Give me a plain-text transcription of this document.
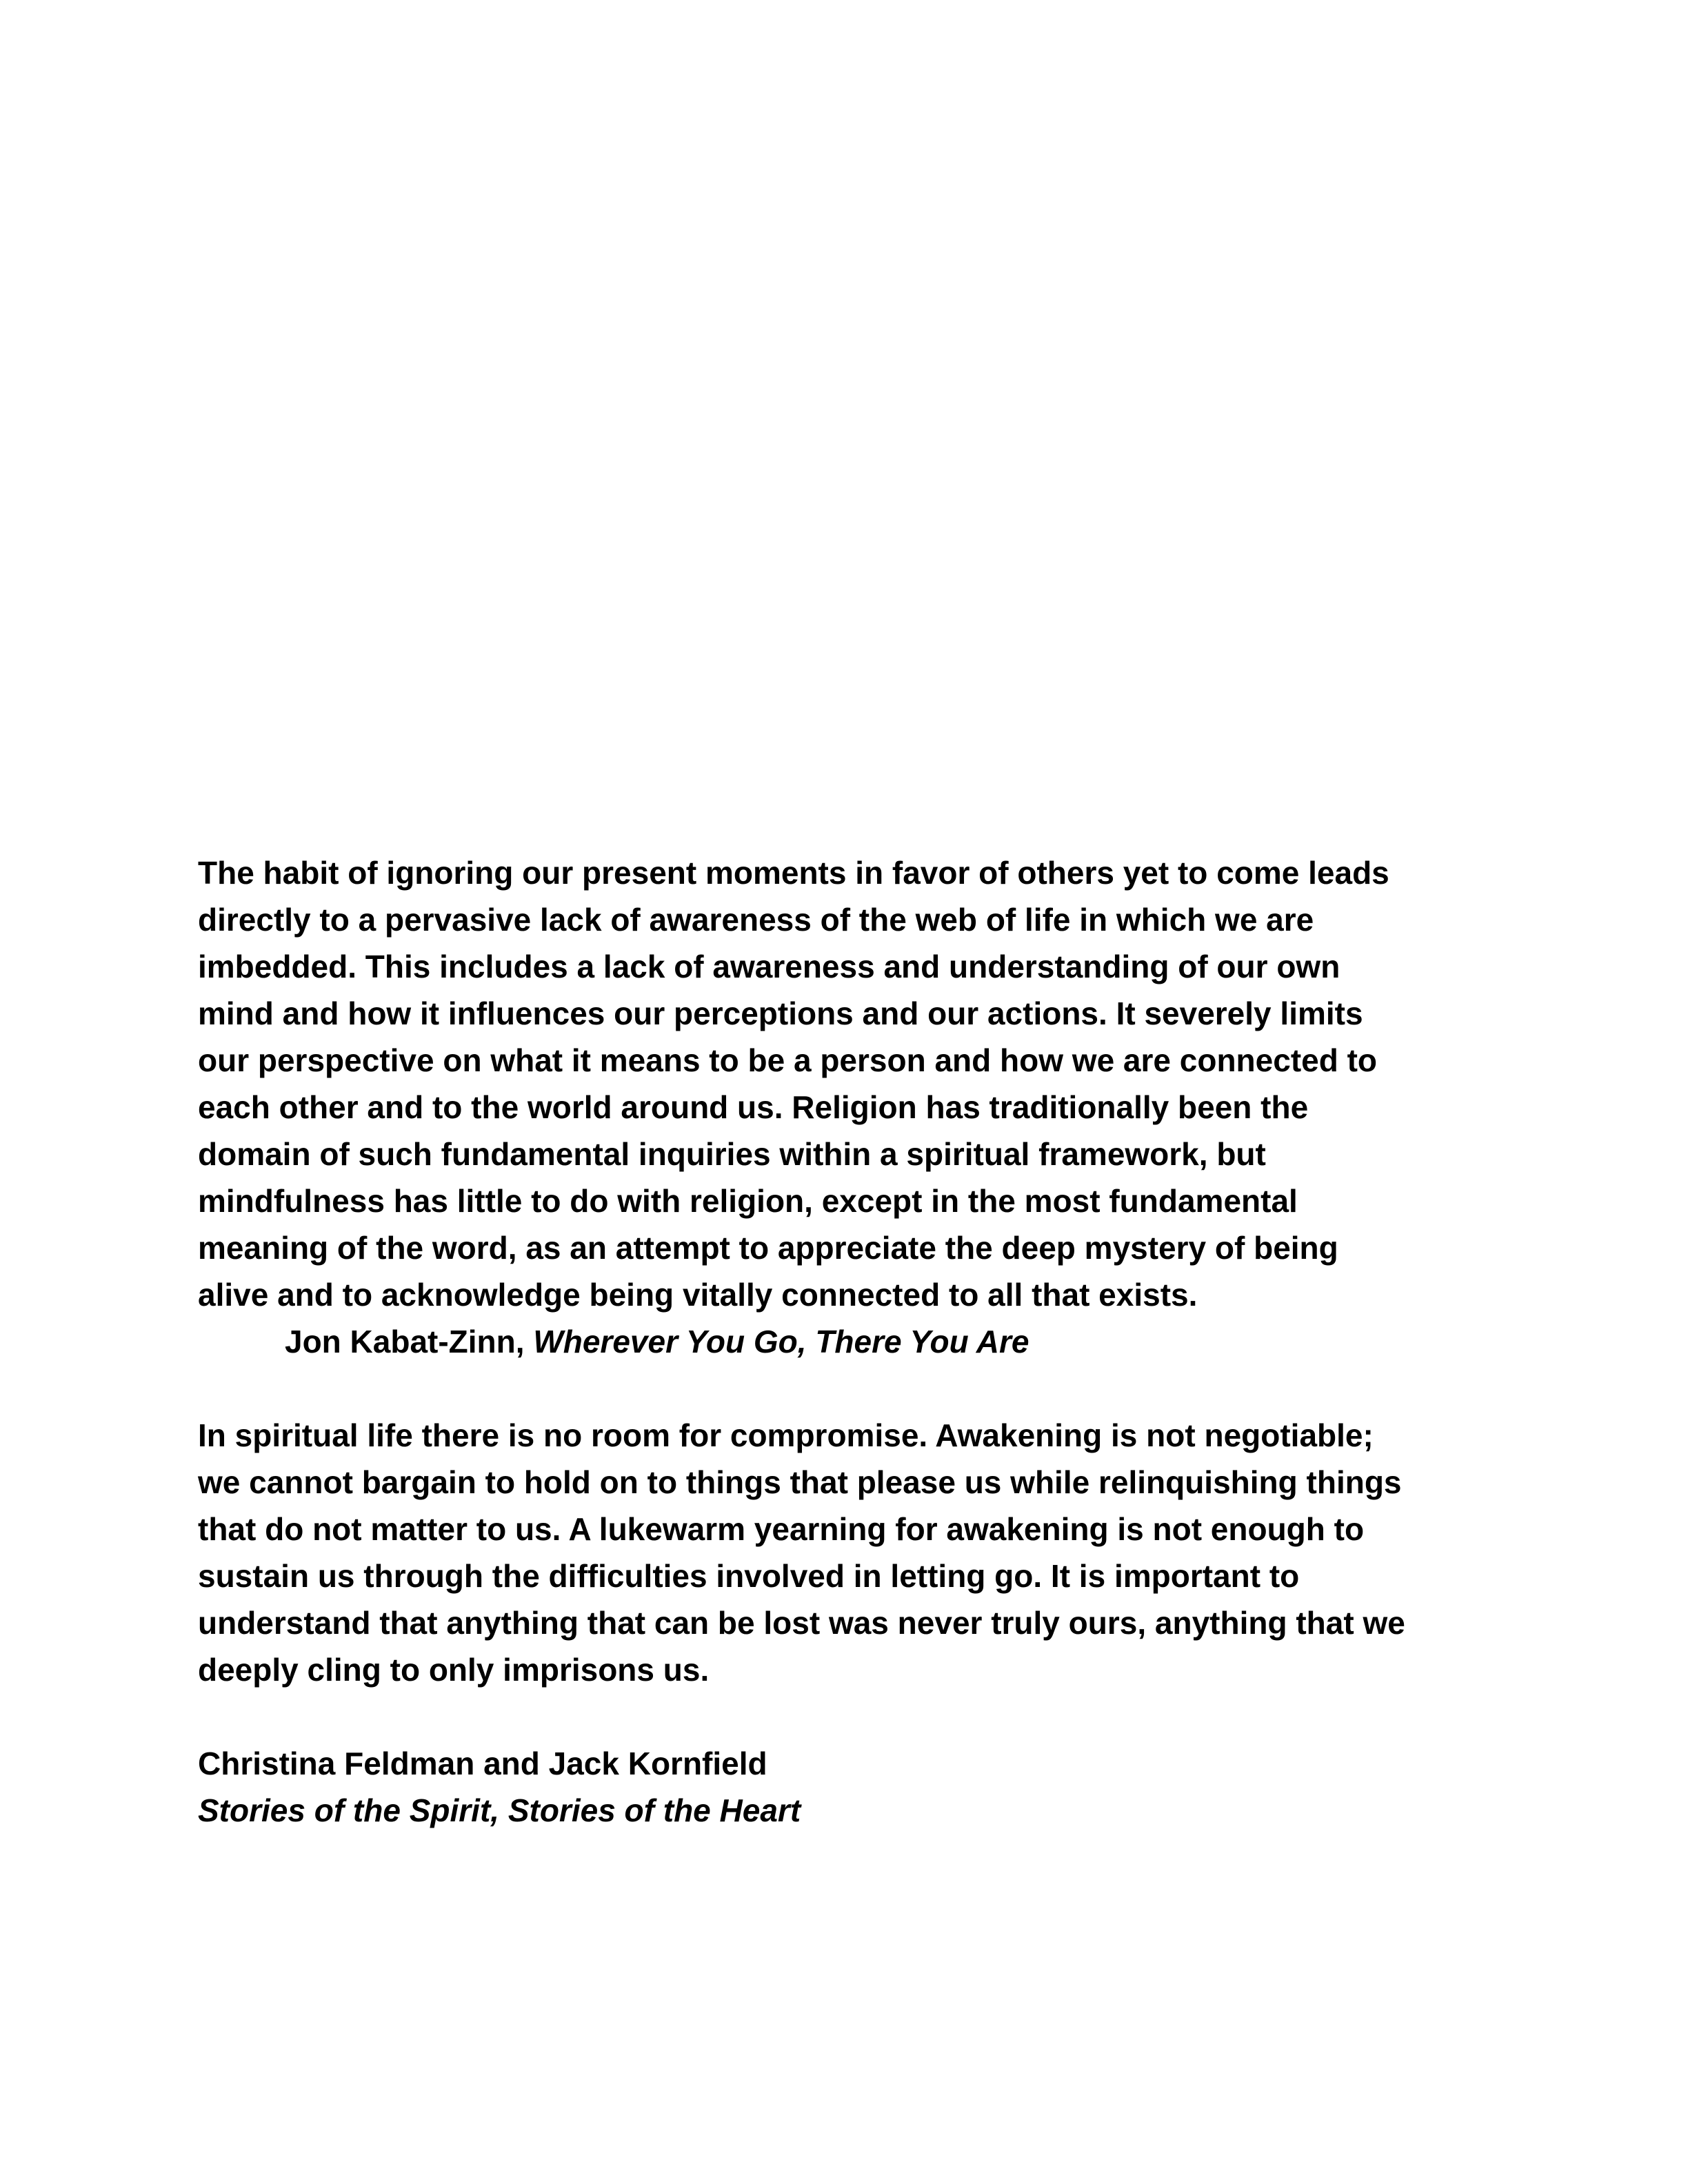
The habit of ignoring our present moments in favor of others yet to come leads
directly to a pervasive lack of awareness of the web of life in which we are
imbedded. This includes a lack of awareness and understanding of our own
mind and how it influences our perceptions and our actions. It severely limits
our perspective on what it means to be a person and how we are connected to
each other and to the world around us. Religion has traditionally been the
domain of such fundamental inquiries within a spiritual framework, but
mindfulness has little to do with religion, except in the most fundamental
meaning of the word, as an attempt to appreciate the deep mystery of being
alive and to acknowledge being vitally connected to all that exists.
Jon Kabat-Zinn, Wherever You Go, There You Are
In spiritual life there is no room for compromise. Awakening is not negotiable;
we cannot bargain to hold on to things that please us while relinquishing things
that do not matter to us. A lukewarm yearning for awakening is not enough to
sustain us through the difficulties involved in letting go. It is important to
understand that anything that can be lost was never truly ours, anything that we
deeply cling to only imprisons us.
Christina Feldman and Jack Kornfield
Stories of the Spirit, Stories of the Heart
